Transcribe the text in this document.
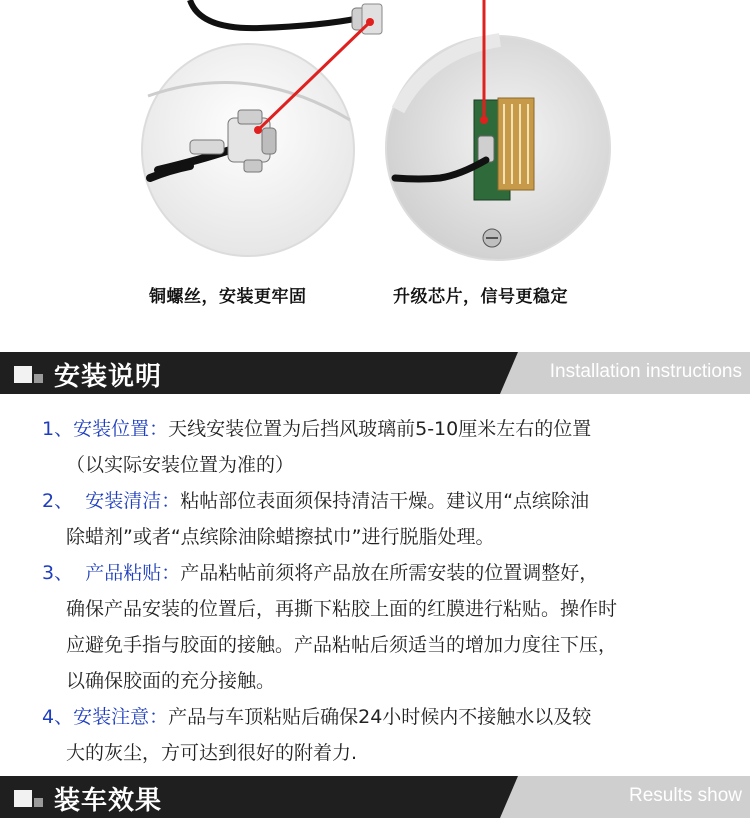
铜螺丝，安装更牢固	升级芯片，信号更稳定
安装说明	Installation instructions
1、安装位置：天线安装位置为后挡风玻璃前5-10厘米左右的位置
（以实际安装位置为准的）
2、 安装清洁：粘帖部位表面须保持清洁干燥。建议用“点缤除油
除蜡剂”或者“点缤除油除蜡擦拭巾”进行脱脂处理。
3、 产品粘贴：产品粘帖前须将产品放在所需安装的位置调整好，
确保产品安装的位置后，再撕下粘胶上面的红膜进行粘贴。操作时
应避免手指与胶面的接触。产品粘帖后须适当的增加力度往下压，
以确保胶面的充分接触。
4、安装注意：产品与车顶粘贴后确保24小时候内不接触水以及较
大的灰尘，方可达到很好的附着力.
装车效果	Results show
